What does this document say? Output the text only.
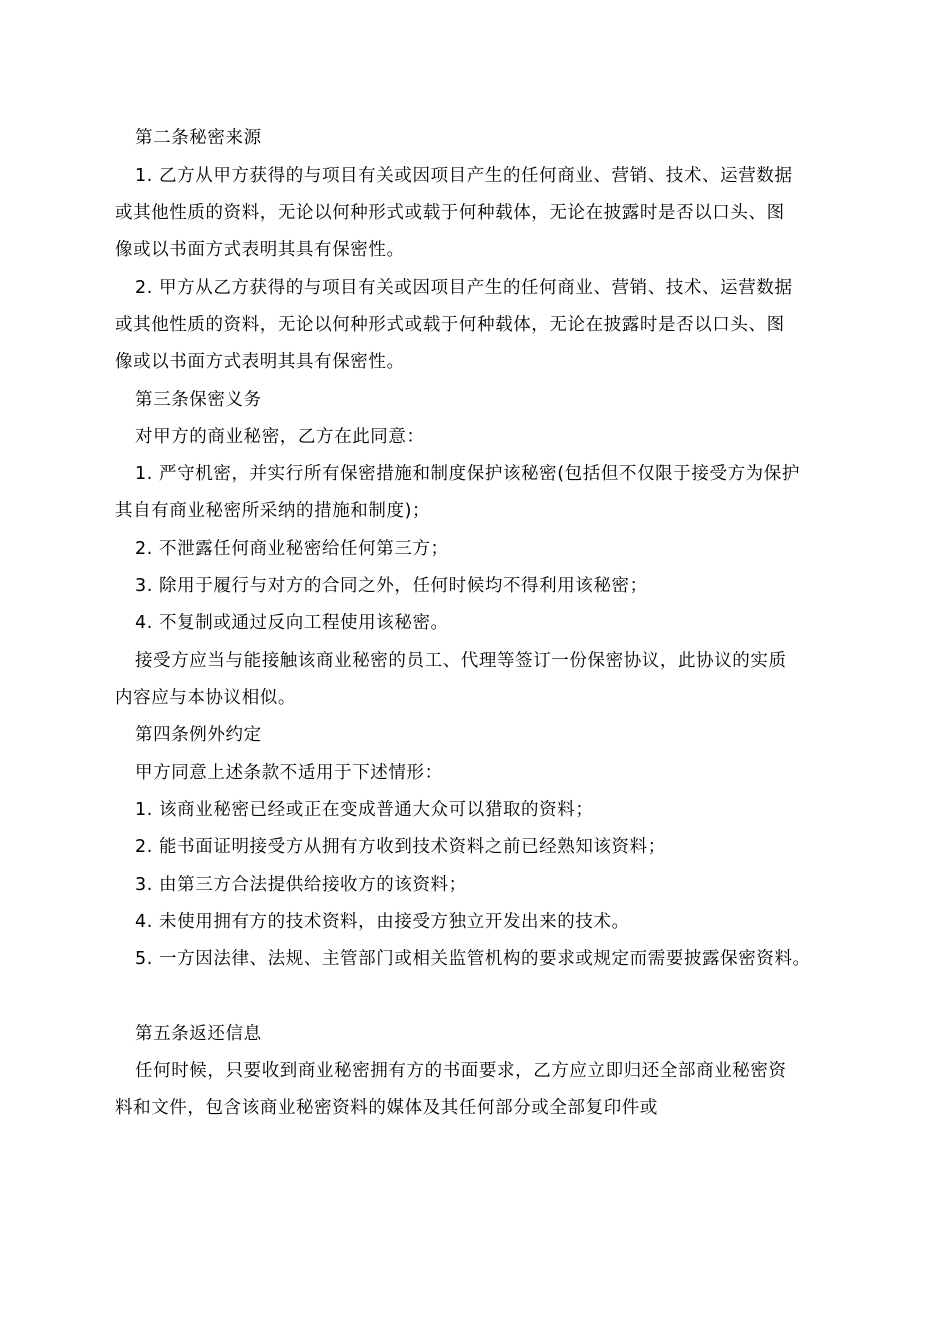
第二条秘密来源
1. 乙方从甲方获得的与项目有关或因项目产生的任何商业、营销、技术、运营数据
或其他性质的资料，无论以何种形式或载于何种载体，无论在披露时是否以口头、图
像或以书面方式表明其具有保密性。
2. 甲方从乙方获得的与项目有关或因项目产生的任何商业、营销、技术、运营数据
或其他性质的资料，无论以何种形式或载于何种载体，无论在披露时是否以口头、图
像或以书面方式表明其具有保密性。
第三条保密义务
对甲方的商业秘密，乙方在此同意：
1. 严守机密，并实行所有保密措施和制度保护该秘密(包括但不仅限于接受方为保护
其自有商业秘密所采纳的措施和制度)；
2. 不泄露任何商业秘密给任何第三方；
3. 除用于履行与对方的合同之外，任何时候均不得利用该秘密；
4. 不复制或通过反向工程使用该秘密。
接受方应当与能接触该商业秘密的员工、代理等签订一份保密协议，此协议的实质
内容应与本协议相似。
第四条例外约定
甲方同意上述条款不适用于下述情形：
1. 该商业秘密已经或正在变成普通大众可以猎取的资料；
2. 能书面证明接受方从拥有方收到技术资料之前已经熟知该资料；
3. 由第三方合法提供给接收方的该资料；
4. 未使用拥有方的技术资料，由接受方独立开发出来的技术。
5. 一方因法律、法规、主管部门或相关监管机构的要求或规定而需要披露保密资料。
第五条返还信息
任何时候，只要收到商业秘密拥有方的书面要求，乙方应立即归还全部商业秘密资
料和文件，包含该商业秘密资料的媒体及其任何部分或全部复印件或
